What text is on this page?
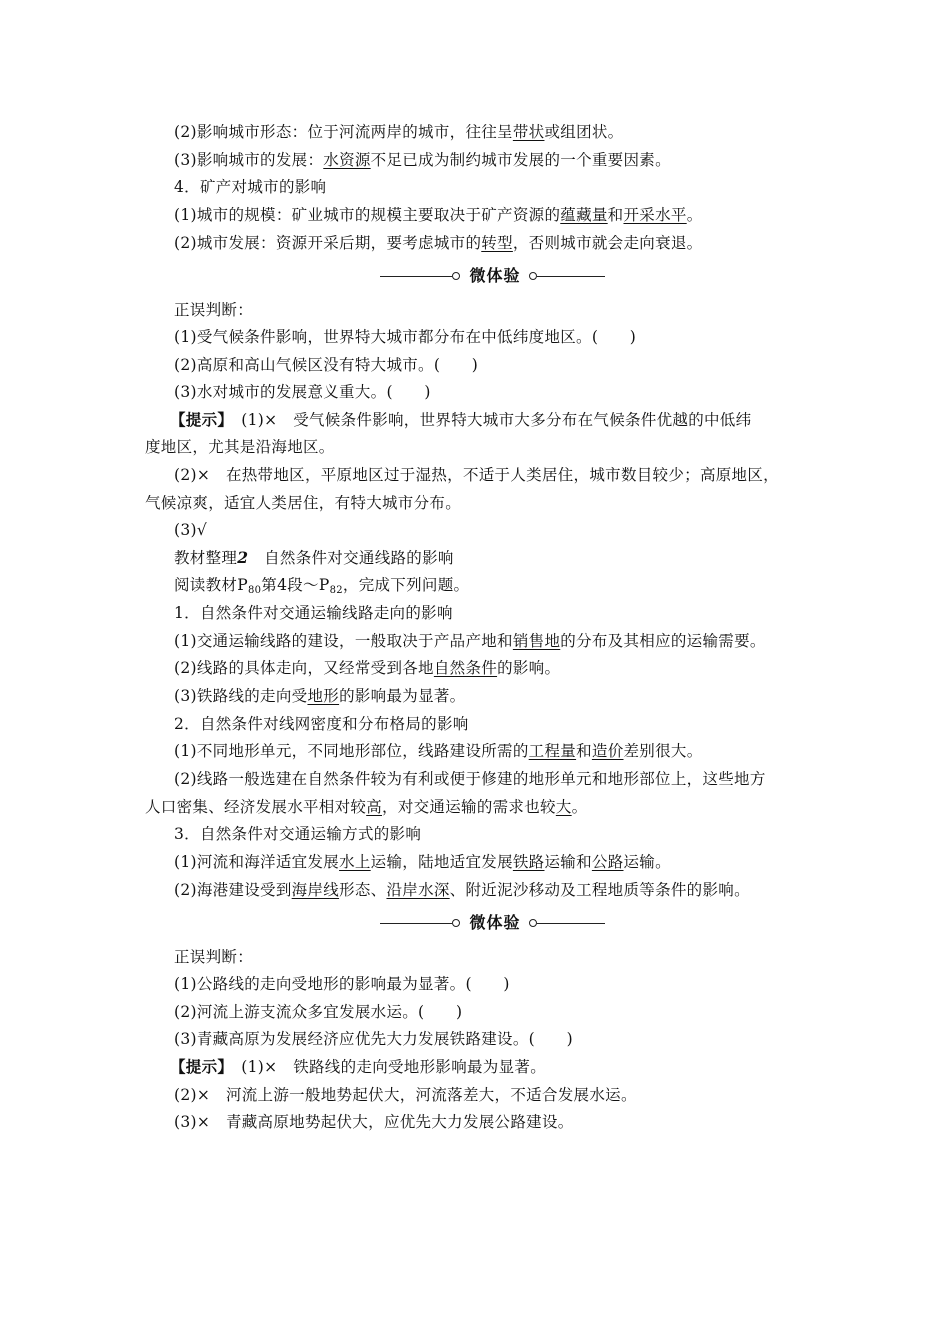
(2)影响城市形态：位于河流两岸的城市，往往呈带状或组团状。
(3)影响城市的发展：水资源不足已成为制约城市发展的一个重要因素。
4．矿产对城市的影响
(1)城市的规模：矿业城市的规模主要取决于矿产资源的蕴藏量和开采水平。
(2)城市发展：资源开采后期，要考虑城市的转型，否则城市就会走向衰退。
微体验
正误判断：
(1)受气候条件影响，世界特大城市都分布在中低纬度地区。(　　)
(2)高原和高山气候区没有特大城市。(　　)
(3)水对城市的发展意义重大。(　　)
【提示】　(1)×　受气候条件影响，世界特大城市大多分布在气候条件优越的中低纬
度地区，尤其是沿海地区。
(2)×　在热带地区，平原地区过于湿热，不适于人类居住，城市数目较少；高原地区，
气候凉爽，适宜人类居住，有特大城市分布。
(3)√
教材整理2　自然条件对交通线路的影响
阅读教材$P_{80}$第4段$\sim P_{82}$，完成下列问题。
1．自然条件对交通运输线路走向的影响
(1)交通运输线路的建设，一般取决于产品产地和销售地的分布及其相应的运输需要。
(2)线路的具体走向，又经常受到各地自然条件的影响。
(3)铁路线的走向受地形的影响最为显著。
2．自然条件对线网密度和分布格局的影响
(1)不同地形单元，不同地形部位，线路建设所需的工程量和造价差别很大。
(2)线路一般选建在自然条件较为有利或便于修建的地形单元和地形部位上，这些地方
人口密集、经济发展水平相对较高，对交通运输的需求也较大。
3．自然条件对交通运输方式的影响
(1)河流和海洋适宜发展水上运输，陆地适宜发展铁路运输和公路运输。
(2)海港建设受到海岸线形态、沿岸水深、附近泥沙移动及工程地质等条件的影响。
微体验
正误判断：
(1)公路线的走向受地形的影响最为显著。(　　)
(2)河流上游支流众多宜发展水运。(　　)
(3)青藏高原为发展经济应优先大力发展铁路建设。(　　)
【提示】　(1)×　铁路线的走向受地形影响最为显著。
(2)×　河流上游一般地势起伏大，河流落差大，不适合发展水运。
(3)×　青藏高原地势起伏大，应优先大力发展公路建设。
